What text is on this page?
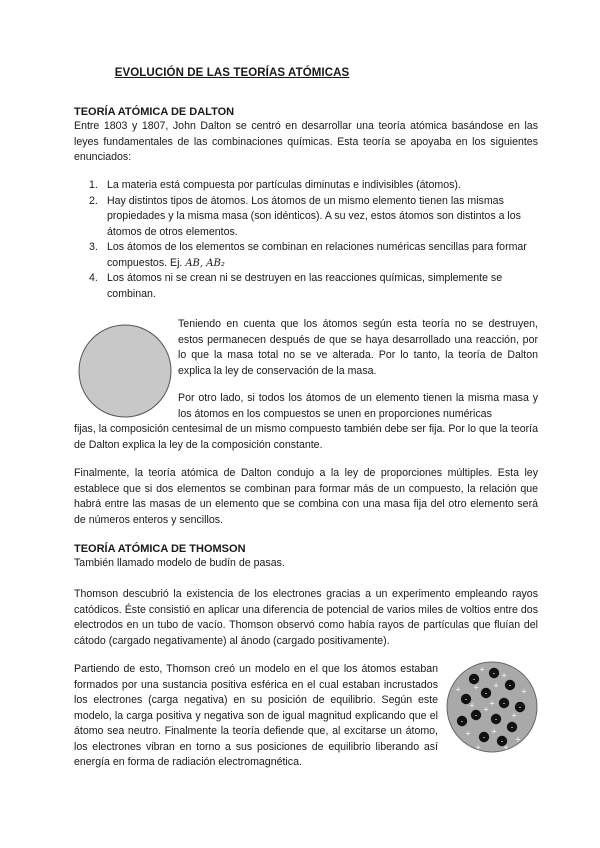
EVOLUCIÓN DE LAS TEORÍAS ATÓMICAS
TEORÍA ATÓMICA DE DALTON
Entre 1803 y 1807, John Dalton se centró en desarrollar una teoría atómica basándose en las leyes fundamentales de las combinaciones químicas. Esta teoría se apoyaba en los siguientes enunciados:
1. La materia está compuesta por partículas diminutas e indivisibles (átomos).
2. Hay distintos tipos de átomos. Los átomos de un mismo elemento tienen las mismas propiedades y la misma masa (son idénticos). A su vez, estos átomos son distintos a los átomos de otros elementos.
3. Los átomos de los elementos se combinan en relaciones numéricas sencillas para formar compuestos. Ej. AB, AB₂
4. Los átomos ni se crean ni se destruyen en las reacciones químicas, simplemente se combinan.
Teniendo en cuenta que los átomos según esta teoría no se destruyen, estos permanecen después de que se haya desarrollado una reacción, por lo que la masa total no se ve alterada. Por lo tanto, la teoría de Dalton explica la ley de conservación de la masa.
Por otro lado, si todos los átomos de un elemento tienen la misma masa y los átomos en los compuestos se unen en proporciones numéricas
fijas, la composición centesimal de un mismo compuesto también debe ser fija. Por lo que la teoría de Dalton explica la ley de la composición constante.
Finalmente, la teoría atómica de Dalton condujo a la ley de proporciones múltiples. Esta ley establece que si dos elementos se combinan para formar más de un compuesto, la relación que habrá entre las masas de un elemento que se combina con una masa fija del otro elemento será de números enteros y sencillos.
TEORÍA ATÓMICA DE THOMSON
También llamado modelo de budín de pasas.
Thomson descubrió la existencia de los electrones gracias a un experimento empleando rayos catódicos. Éste consistió en aplicar una diferencia de potencial de varios miles de voltios entre dos electrodos en un tubo de vacío. Thomson observó como había rayos de partículas que fluían del cátodo (cargado negativamente) al ánodo (cargado positivamente).
Partiendo de esto, Thomson creó un modelo en el que los átomos estaban formados por una sustancia positiva esférica en el cual estaban incrustados los electrones (carga negativa) en su posición de equilibrio. Según este modelo, la carga positiva y negativa son de igual magnitud explicando que el átomo sea neutro. Finalmente la teoría defiende que, al excitarse un átomo, los electrones vibran en torno a sus posiciones de equilibrio liberando así energía en forma de radiación electromagnética.
-
-
-
-
-
- -
- -
-
-
- -
+
+
+ + +
+
+
+
+
+
+	+
+
+
+
